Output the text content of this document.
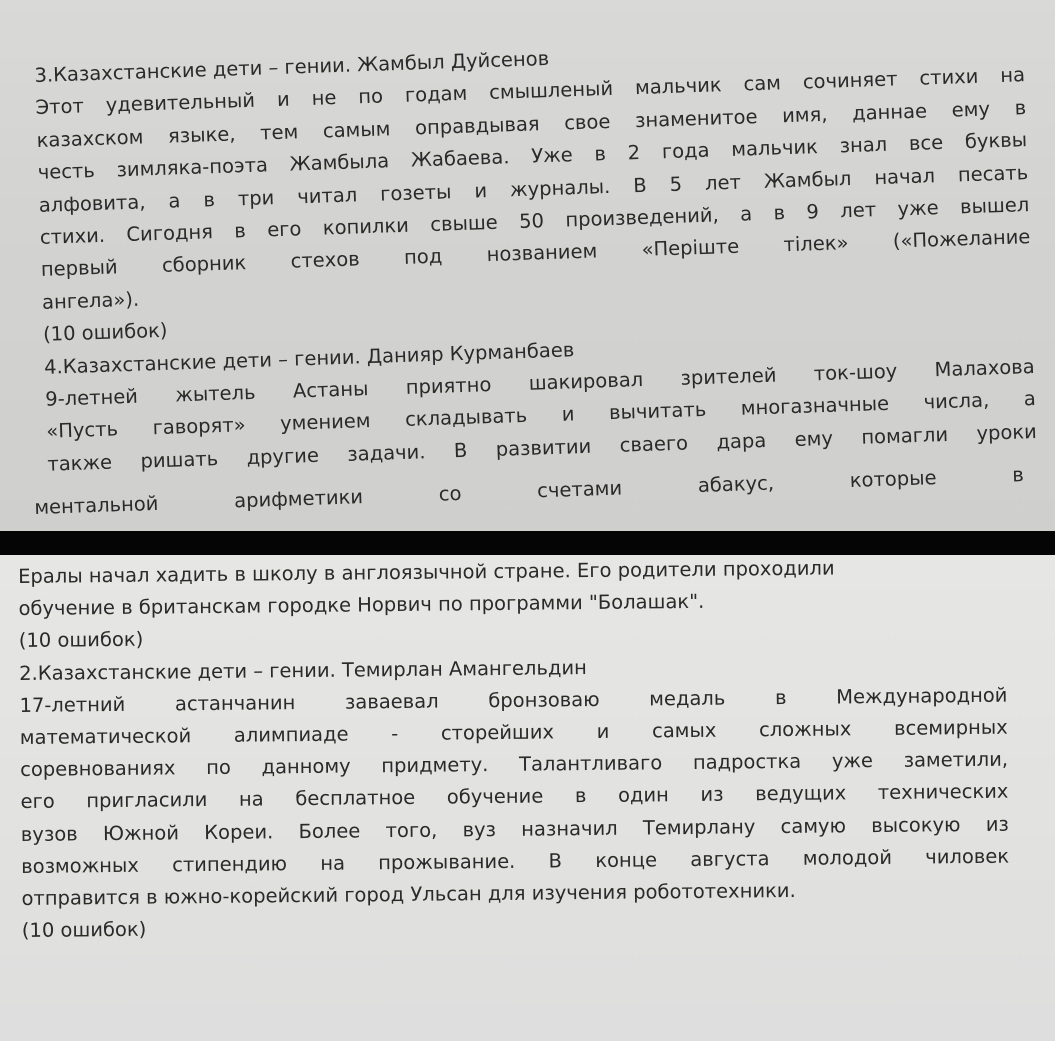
3.Казахстанские дети – гении. Жамбыл Дуйсенов
Этот удевительный и не по годам смышленый мальчик сам сочиняет стихи на
казахском языке, тем самым оправдывая свое знаменитое имя, даннае ему в
честь зимляка-поэта Жамбыла Жабаева. Уже в 2 года мальчик знал все буквы
алфовита, а в три читал гозеты и журналы. В 5 лет Жамбыл начал песать
стихи. Сигодня в его копилки свыше 50 произведений, а в 9 лет уже вышел
первый сборник стехов под нозванием «Перiште тiлек» («Пожелание
ангела»).
(10 ошибок)
4.Казахстанские дети – гении. Данияр Курманбаев
9-летней жытель Астаны приятно шакировал зрителей ток-шоу Малахова
«Пусть гаворят» умением складывать и вычитать многазначные числа, а
также ришать другие задачи. В развитии сваего дара ему помагли уроки
ментальной	арифметики	со	счетами	абакус,	которые	в
Ералы начал хадить в школу в англоязычной стране. Его родители проходили
обучение в британскам городке Норвич по программи "Болашак".
(10 ошибок)
2.Казахстанские дети – гении. Темирлан Амангельдин
17-летний	астанчанин	заваевал	бронзоваю	медаль	в	Международной
математической алимпиаде - сторейших и самых сложных всемирных
соревнованиях по данному придмету. Талантливаго падростка уже заметили,
его пригласили на бесплатное обучение в один из ведущих технических
вузов Южной Кореи. Более того, вуз назначил Темирлану самую высокую из
возможных стипендию на прожывание. В конце августа молодой чиловек
отправится в южно-корейский город Ульсан для изучения робототехники.
(10 ошибок)
